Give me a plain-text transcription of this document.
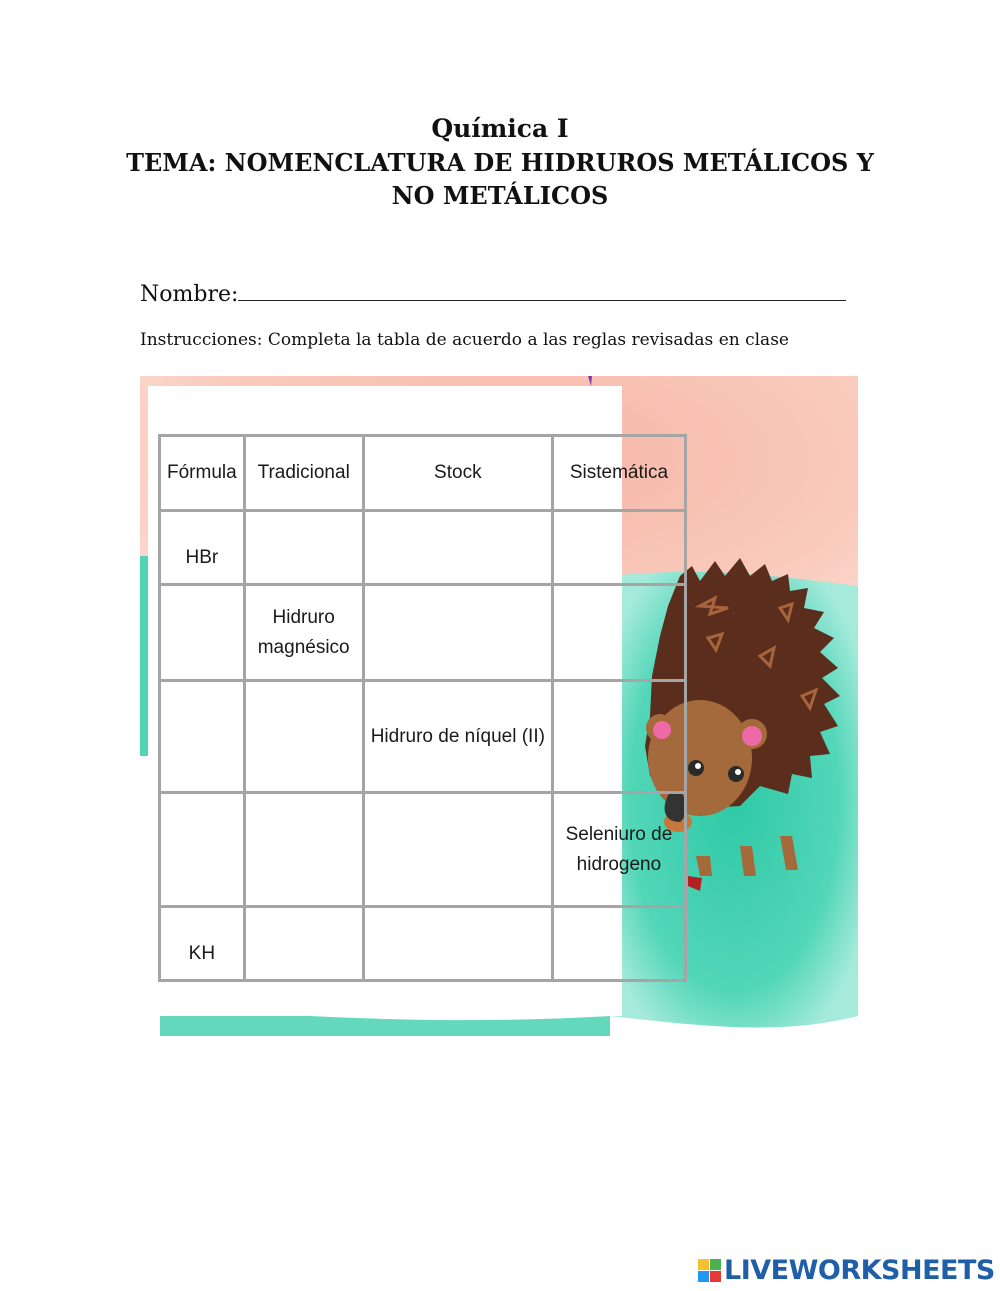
Química I
TEMA: NOMENCLATURA DE HIDRUROS METÁLICOS Y
NO METÁLICOS
Nombre:
Instrucciones: Completa la tabla de acuerdo a las reglas revisadas en clase
Fórmula	Tradicional	Stock	Sistemática
HBr			
	Hidruro magnésico		
		Hidruro de níquel (II)	
			Seleniuro de hidrogeno
KH			
LIVEWORKSHEETS
